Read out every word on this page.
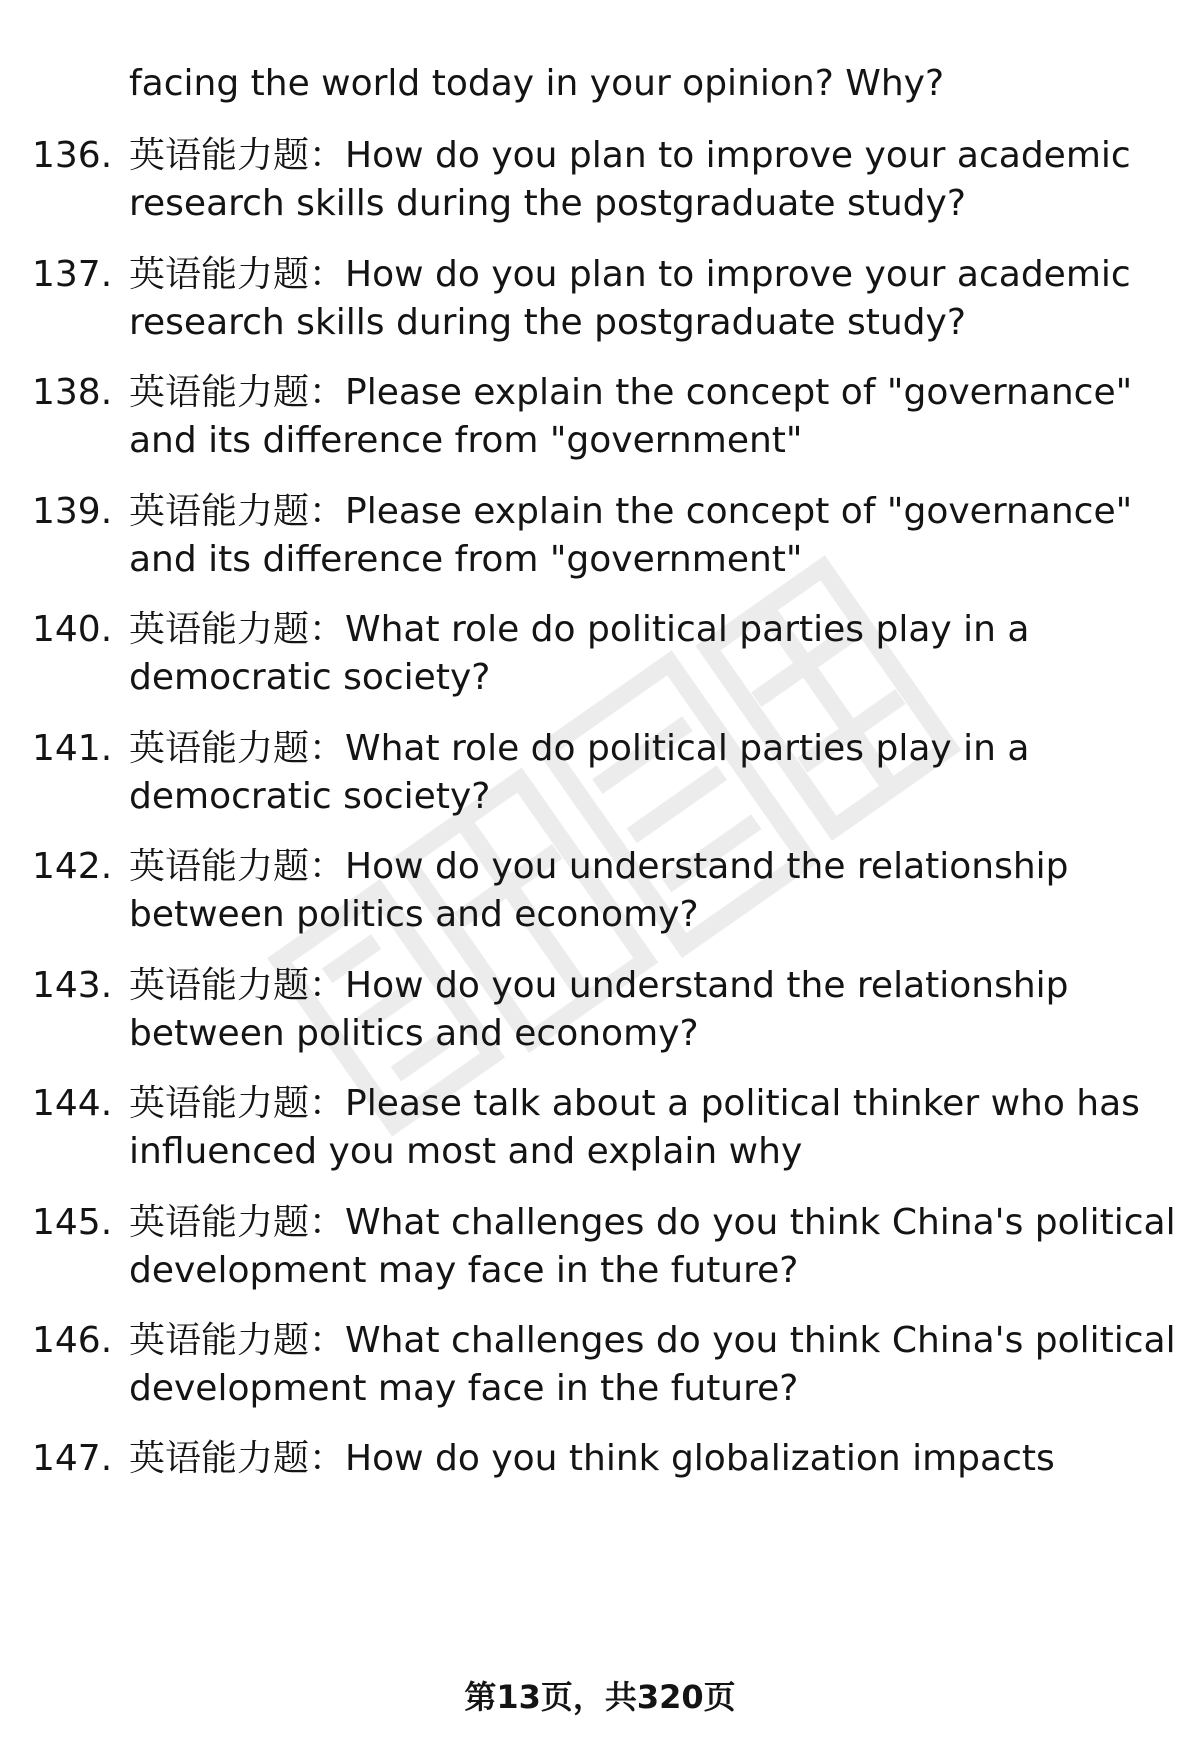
facing the world today in your opinion? Why?
136. 英语能力题：How do you plan to improve your academic
research skills during the postgraduate study?
137. 英语能力题：How do you plan to improve your academic
research skills during the postgraduate study?
138. 英语能力题：Please explain the concept of "governance"
and its difference from "government"
139. 英语能力题：Please explain the concept of "governance"
and its difference from "government"
140. 英语能力题：What role do political parties play in a
democratic society?
141. 英语能力题：What role do political parties play in a
democratic society?
142. 英语能力题：How do you understand the relationship
between politics and economy?
143. 英语能力题：How do you understand the relationship
between politics and economy?
144. 英语能力题：Please talk about a political thinker who has
influenced you most and explain why
145. 英语能力题：What challenges do you think China's political
development may face in the future?
146. 英语能力题：What challenges do you think China's political
development may face in the future?
147. 英语能力题：How do you think globalization impacts
第13页，共320页
